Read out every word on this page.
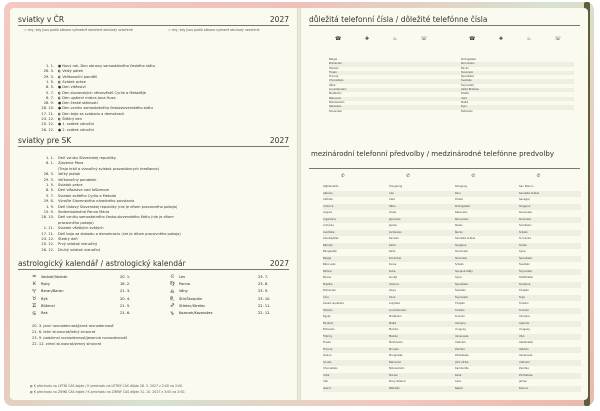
sviatky v ČR	2027
= dny, kdy jsou podle zákona výhradně otevřené obchody uzavřené	= dny, kdy jsou podle zákona vybrané obchody uzavřené
1. 1. ● Nový rok, Den obnovy samostatného českého státu
26. 3. ◐ Velký pátek
29. 3. ◐ Velikonoční pondělí
1. 5. ◐ Svátek práce
8. 5. ● Den vítězství
5. 7. ◐ Den slovanských věrozvěstů Cyrila a Metoděje
6. 7. ◐ Den upálení mistra Jana Husa
28. 9. ● Den české státnosti
28. 10. ● Den vzniku samostatného československého státu
17. 11. ◐ Den boje za svobodu a demokracii
24. 12. ◐ Štědrý den
25. 12. ● 1. svátek vánoční
26. 12. ● 2. svátek vánoční
sviatky pre SK	2027
1. 1. Deň vzniku Slovenskej republiky
6. 1. Zjavenie Pána
(Traja králi a vianočný sviatok pravoslávnych kresťanov)
26. 3. Veľký piatok
29. 3. Veľkonočný pondelok
1. 5. Sviatok práce
8. 5. Deň víťazstva nad fašizmom
5. 7. Sviatok svätého Cyrila a Metoda
29. 8. Výročie Slovenského národného povstania
1. 9. Deň Ústavy Slovenskej republiky (nie je dňom pracovného pokoja)
15. 9. Sedembolestná Panna Mária
28. 10. Deň vzniku samostatného česko-slovenského štátu (nie je dňom
pracovného pokoja)
1. 11. Sviatok všetkých svätých
17. 11. Deň boja za slobodu a demokraciu (nie je dňom pracovného pokoja)
24. 12. Štedrý deň
25. 12. Prvý sviatok vianočný
26. 12. Druhý sviatok vianočný
astrologický kalendář / astrologický kalendár	2027
♒ Vodnář/Vodnár	20. 1.
♓ Ryby	18. 2.
♈ Beran/Baran	21. 3.
♉ Býk	20. 4.
♊ Blíženci	21. 5.
♋ Rak	21. 6.
♌ Lev	23. 7.
♍ Panna	23. 8.
♎ Váhy	23. 9.
♏ Štír/Škorpión	23. 10.
♐ Střelec/Strelec	22. 11.
♑ Kozoroh/Kozorožec	22. 12.
20. 3. jarní rovnodennost/jarná rovnodennosť
21. 6. letní slunovrat/letný slnovrat
23. 9. podzimní rovnodennost/jesenná rovnodennosť
22. 12. zimní slunovrat/zimný slnovrat
◐ K přechodu na LETNÍ ČAS dojde / K prechodu na LETNÝ ČAS dôjde 28. 3. 2027 z 2:00 na 3:00.
◐ K přechodu na ZIMNÍ ČAS dojde / K prechodu na ZIMNÝ ČAS dôjde 31. 10. 2027 z 3:00 na 2:00.
důležitá telefonní čísla / dôležité telefónne čísla
☎	✚	♨	☏	☎	✚	♨	☏
Belgie	Portugalsko
Bulharsko	Rumunsko
Dánsko	Řecko
Finsko	Slovinsko
Francie	Španělsko
Chorvatsko	Švédsko
Itálie	Švýcarsko
Lucembursko	Velká Británie
Maďarsko	Polsko
Německo	Irsko
Nizozemsko	Malta
Rakousko	Kypr
Slovensko	Estonsko
mezinárodní telefonní předvolby / medzinárodné telefónne predvolby
✆	✆	✆	✆
Afghánistán	Hongkong	Paraguay	San Marino
Albánie	Irán	Peru	Saudská Arábie
Alžírsko	Irsko	Polsko	Senegal
Andorra	Itálie	Portugalsko	Singapur
Angola	Izrael	Rakousko	Slovensko
Argentina	Japonsko	Rumunsko	Slovinsko
Arménie	Jemen	Rusko	Somálsko
Austrálie	Jordánsko	Řecko	Srbsko
Ázerbájdžán	Kanada	Saúdská Arábie	Srí Lanka
Bahrajn	Katar	Singapur	Súdán
Bangladéš	Keňa	Slovensko	Sýrie
Belgie	Kolumbie	Slovinsko	Španělsko
Bělorusko	Korea	Srbsko	Švédsko
Bolívie	Kuba	Spojené státy	Švýcarsko
Bosna	Kuvajt	Sýrie	Tádžikistán
Brazílie	Libanon	Španělsko	Tanzánie
Bulharsko	Libye	Švédsko	Thajsko
Čína	Litva	Švýcarsko	Togo
Česká republika	Lotyšsko	Thajsko	Tunisko
Dánsko	Lucembursko	Tunisko	Turecko
Egypt	Maďarsko	Turecko	Ukrajina
Ekvádor	Malta	Ukrajina	Uganda
Estonsko	Maroko	Uruguay	Uruguay
Filipíny	Mexiko	Venezuela	USA
Finsko	Moldavsko	Vietnam	Uzbekistán
Francie	Monako	Zambie	Vatikán
Ghana	Mongolsko	Zimbabwe	Venezuela
Gruzie	Německo	Jižní Afrika	Vietnam
Chorvatsko	Nizozemsko	Kambodža	Zambie
Indie	Norsko	Keňa	Zimbabwe
Irák	Nový Zéland	Laos	Jemen
Island	Pákistán	Nepál	Kosovo
